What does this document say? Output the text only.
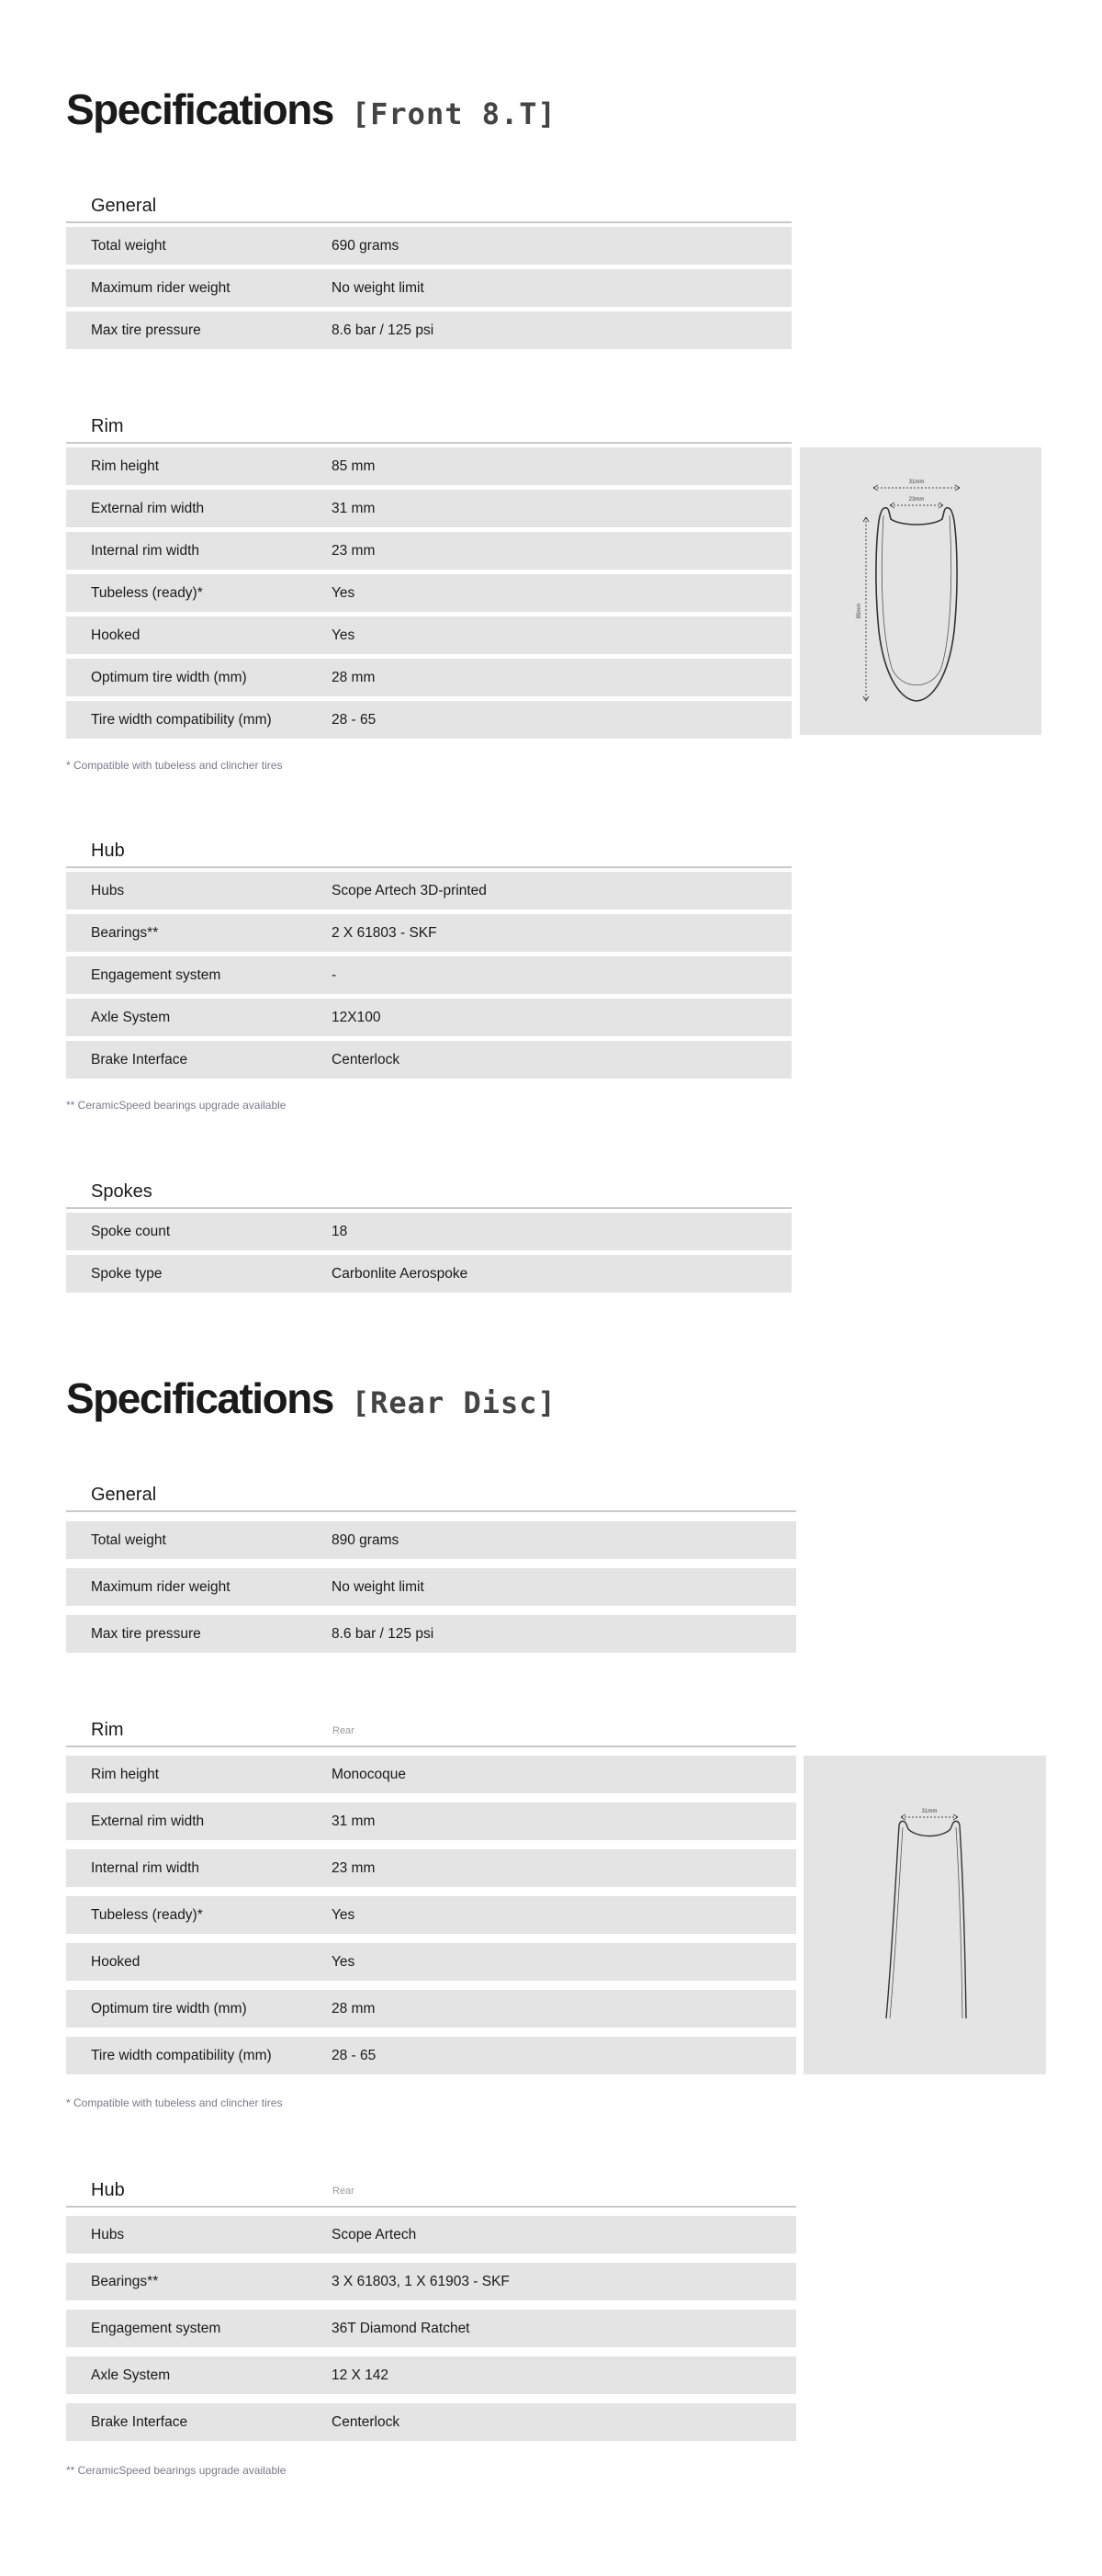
Specifications [Front 8.T]
General
Total weight	690 grams
Maximum rider weight	No weight limit
Max tire pressure	8.6 bar / 125 psi
Rim
Rim height	85 mm
External rim width	31 mm
Internal rim width	23 mm
Tubeless (ready)*	Yes
Hooked	Yes
Optimum tire width (mm)	28 mm
Tire width compatibility (mm)	28 - 65
31mm
23mm
85mm
* Compatible with tubeless and clincher tires
Hub
Hubs	Scope Artech 3D-printed
Bearings**	2 X 61803 - SKF
Engagement system	-
Axle System	12X100
Brake Interface	Centerlock
** CeramicSpeed bearings upgrade available
Spokes
Spoke count	18
Spoke type	Carbonlite Aerospoke
Specifications [Rear Disc]
General
Total weight	890 grams
Maximum rider weight	No weight limit
Max tire pressure	8.6 bar / 125 psi
Rim	Rear
Rim height	Monocoque
External rim width	31 mm
Internal rim width	23 mm
Tubeless (ready)*	Yes
Hooked	Yes
Optimum tire width (mm)	28 mm
Tire width compatibility (mm)	28 - 65
31mm
* Compatible with tubeless and clincher tires
Hub	Rear
Hubs	Scope Artech
Bearings**	3 X 61803, 1 X 61903 - SKF
Engagement system	36T Diamond Ratchet
Axle System	12 X 142
Brake Interface	Centerlock
** CeramicSpeed bearings upgrade available
